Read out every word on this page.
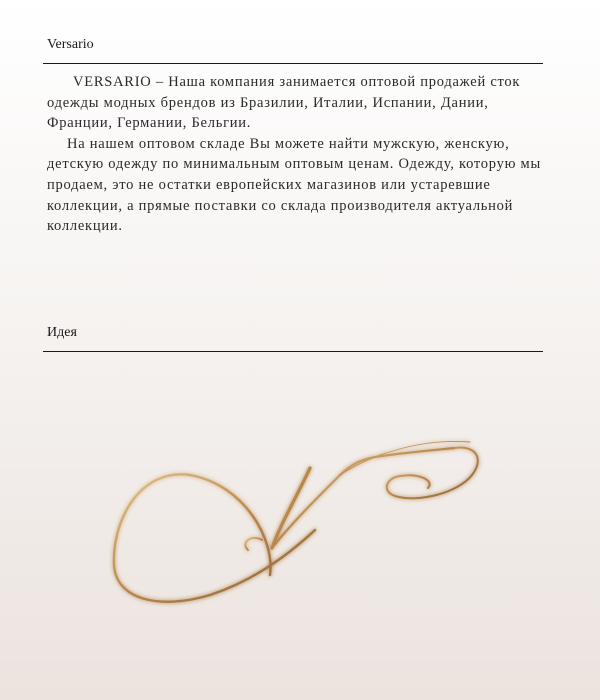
Versario

VERSARIO – Наша компания занимается оптовой продажей сток одежды модных брендов из Бразилии, Италии, Испании, Дании, Франции, Германии, Бельгии.

На нашем оптовом складе Вы можете найти мужскую, женскую, детскую одежду по минимальным оптовым ценам. Одежду, которую мы продаем, это не остатки европейских магазинов или устаревшие коллекции, а прямые поставки со склада производителя актуальной коллекции.

Идея
